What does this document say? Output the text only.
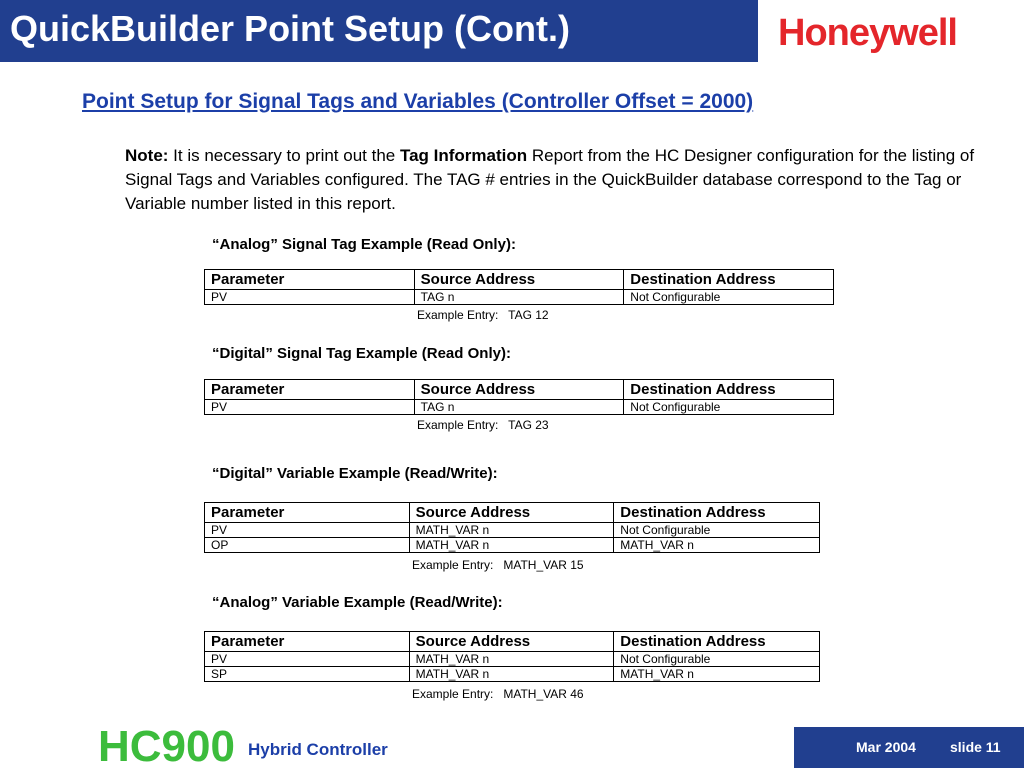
QuickBuilder Point Setup (Cont.)	Honeywell
Point Setup for Signal Tags and Variables (Controller Offset = 2000)
Note: It is necessary to print out the Tag Information Report from the HC Designer configuration for the listing of Signal Tags and Variables configured. The TAG # entries in the QuickBuilder database correspond to the Tag or Variable number listed in this report.
“Analog” Signal Tag Example (Read Only):
Parameter	Source Address	Destination Address
PV	TAG n	Not Configurable
Example Entry:   TAG 12
“Digital” Signal Tag Example (Read Only):
Parameter	Source Address	Destination Address
PV	TAG n	Not Configurable
Example Entry:   TAG 23
“Digital” Variable Example (Read/Write):
Parameter	Source Address	Destination Address
PV	MATH_VAR n	Not Configurable
OP	MATH_VAR n	MATH_VAR n
Example Entry:   MATH_VAR 15
“Analog” Variable Example (Read/Write):
Parameter	Source Address	Destination Address
PV	MATH_VAR n	Not Configurable
SP	MATH_VAR n	MATH_VAR n
Example Entry:   MATH_VAR 46
HC900 Hybrid Controller	Mar 2004 slide 11
